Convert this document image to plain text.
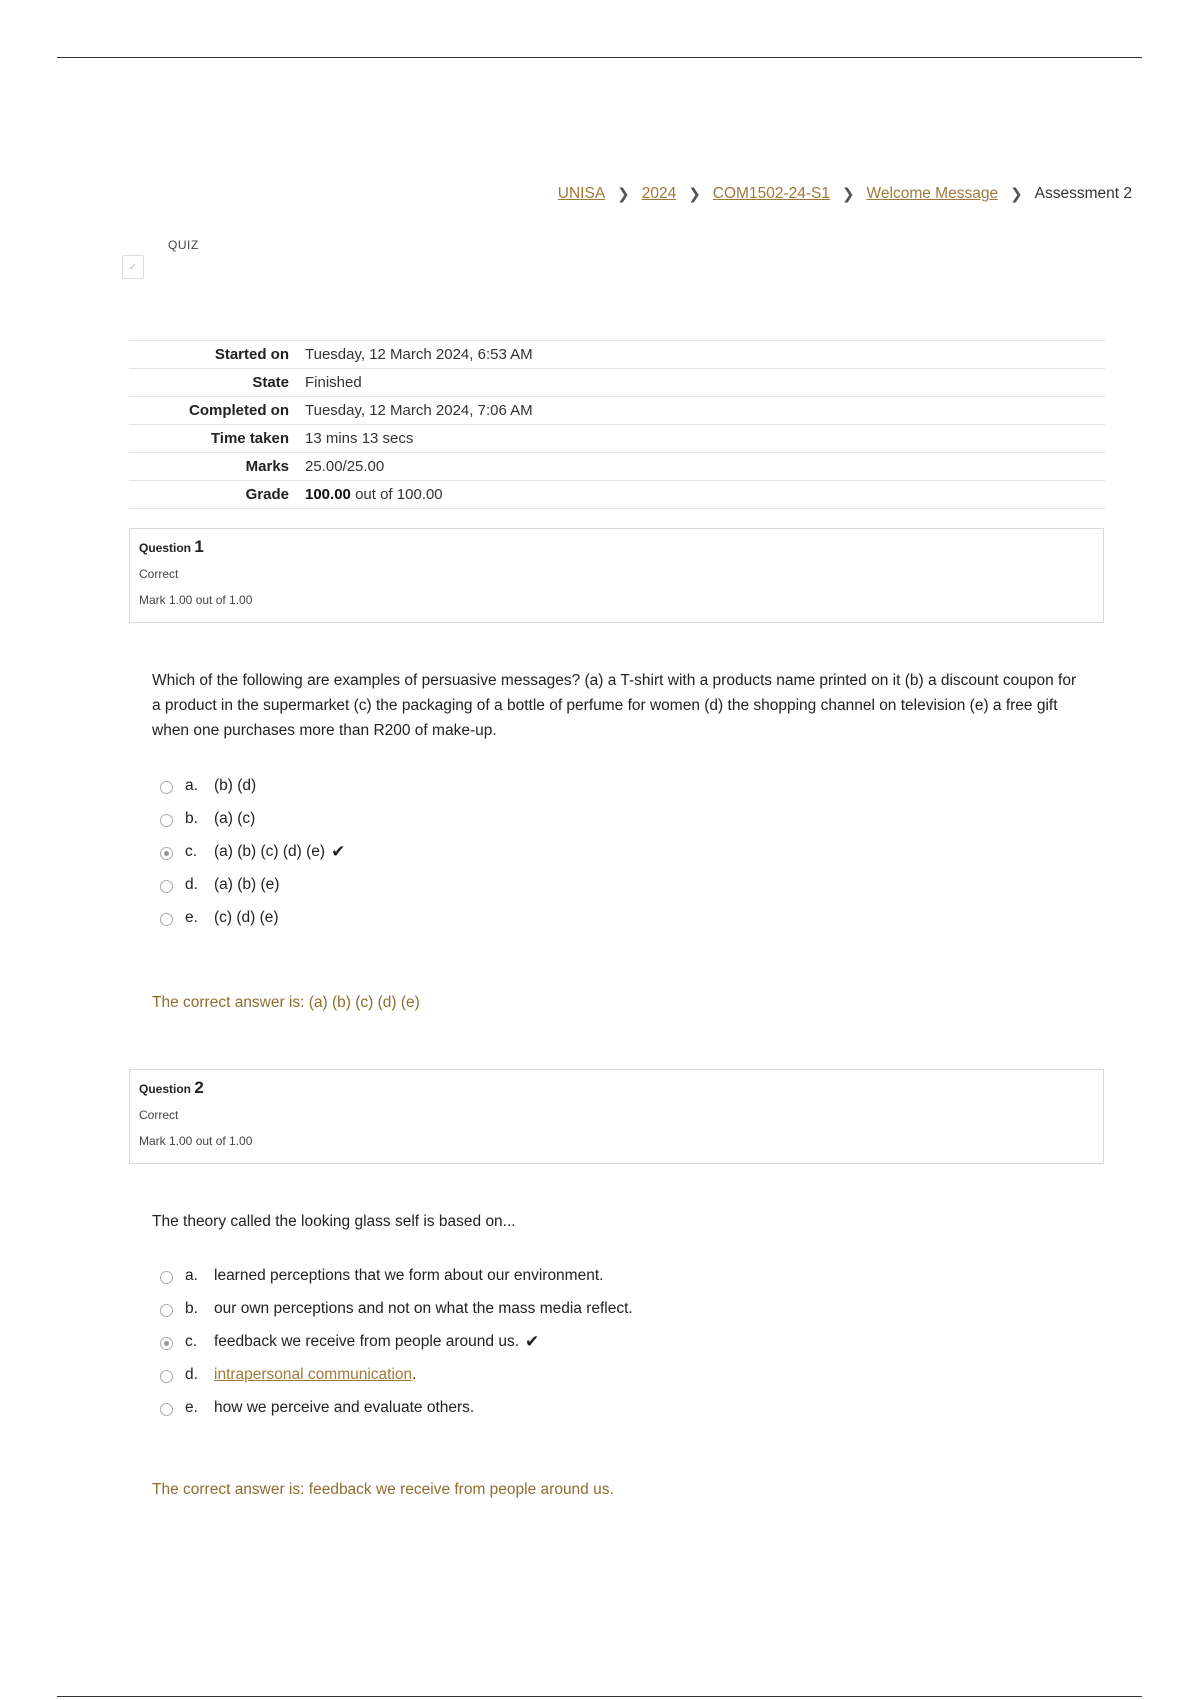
UNISA ❯ 2024 ❯ COM1502-24-S1 ❯ Welcome Message ❯ Assessment 2
✓
QUIZ
Started on	Tuesday, 12 March 2024, 6:53 AM
State	Finished
Completed on	Tuesday, 12 March 2024, 7:06 AM
Time taken	13 mins 13 secs
Marks	25.00/25.00
Grade	100.00 out of 100.00
Question 1
Correct
Mark 1.00 out of 1.00
Which of the following are examples of persuasive messages? (a) a T-shirt with a products name printed on it (b) a discount coupon for a product in the supermarket (c) the packaging of a bottle of perfume for women (d) the shopping channel on television (e) a free gift when one purchases more than R200 of make-up.
a.	(b) (d)
b.	(a) (c)
c.	(a) (b) (c) (d) (e) ✔
d.	(a) (b) (e)
e.	(c) (d) (e)
The correct answer is: (a) (b) (c) (d) (e)
Question 2
Correct
Mark 1.00 out of 1.00
The theory called the looking glass self is based on...
a.	learned perceptions that we form about our environment.
b.	our own perceptions and not on what the mass media reflect.
c.	feedback we receive from people around us. ✔
d.	intrapersonal communication .
e.	how we perceive and evaluate others.
The correct answer is: feedback we receive from people around us.
